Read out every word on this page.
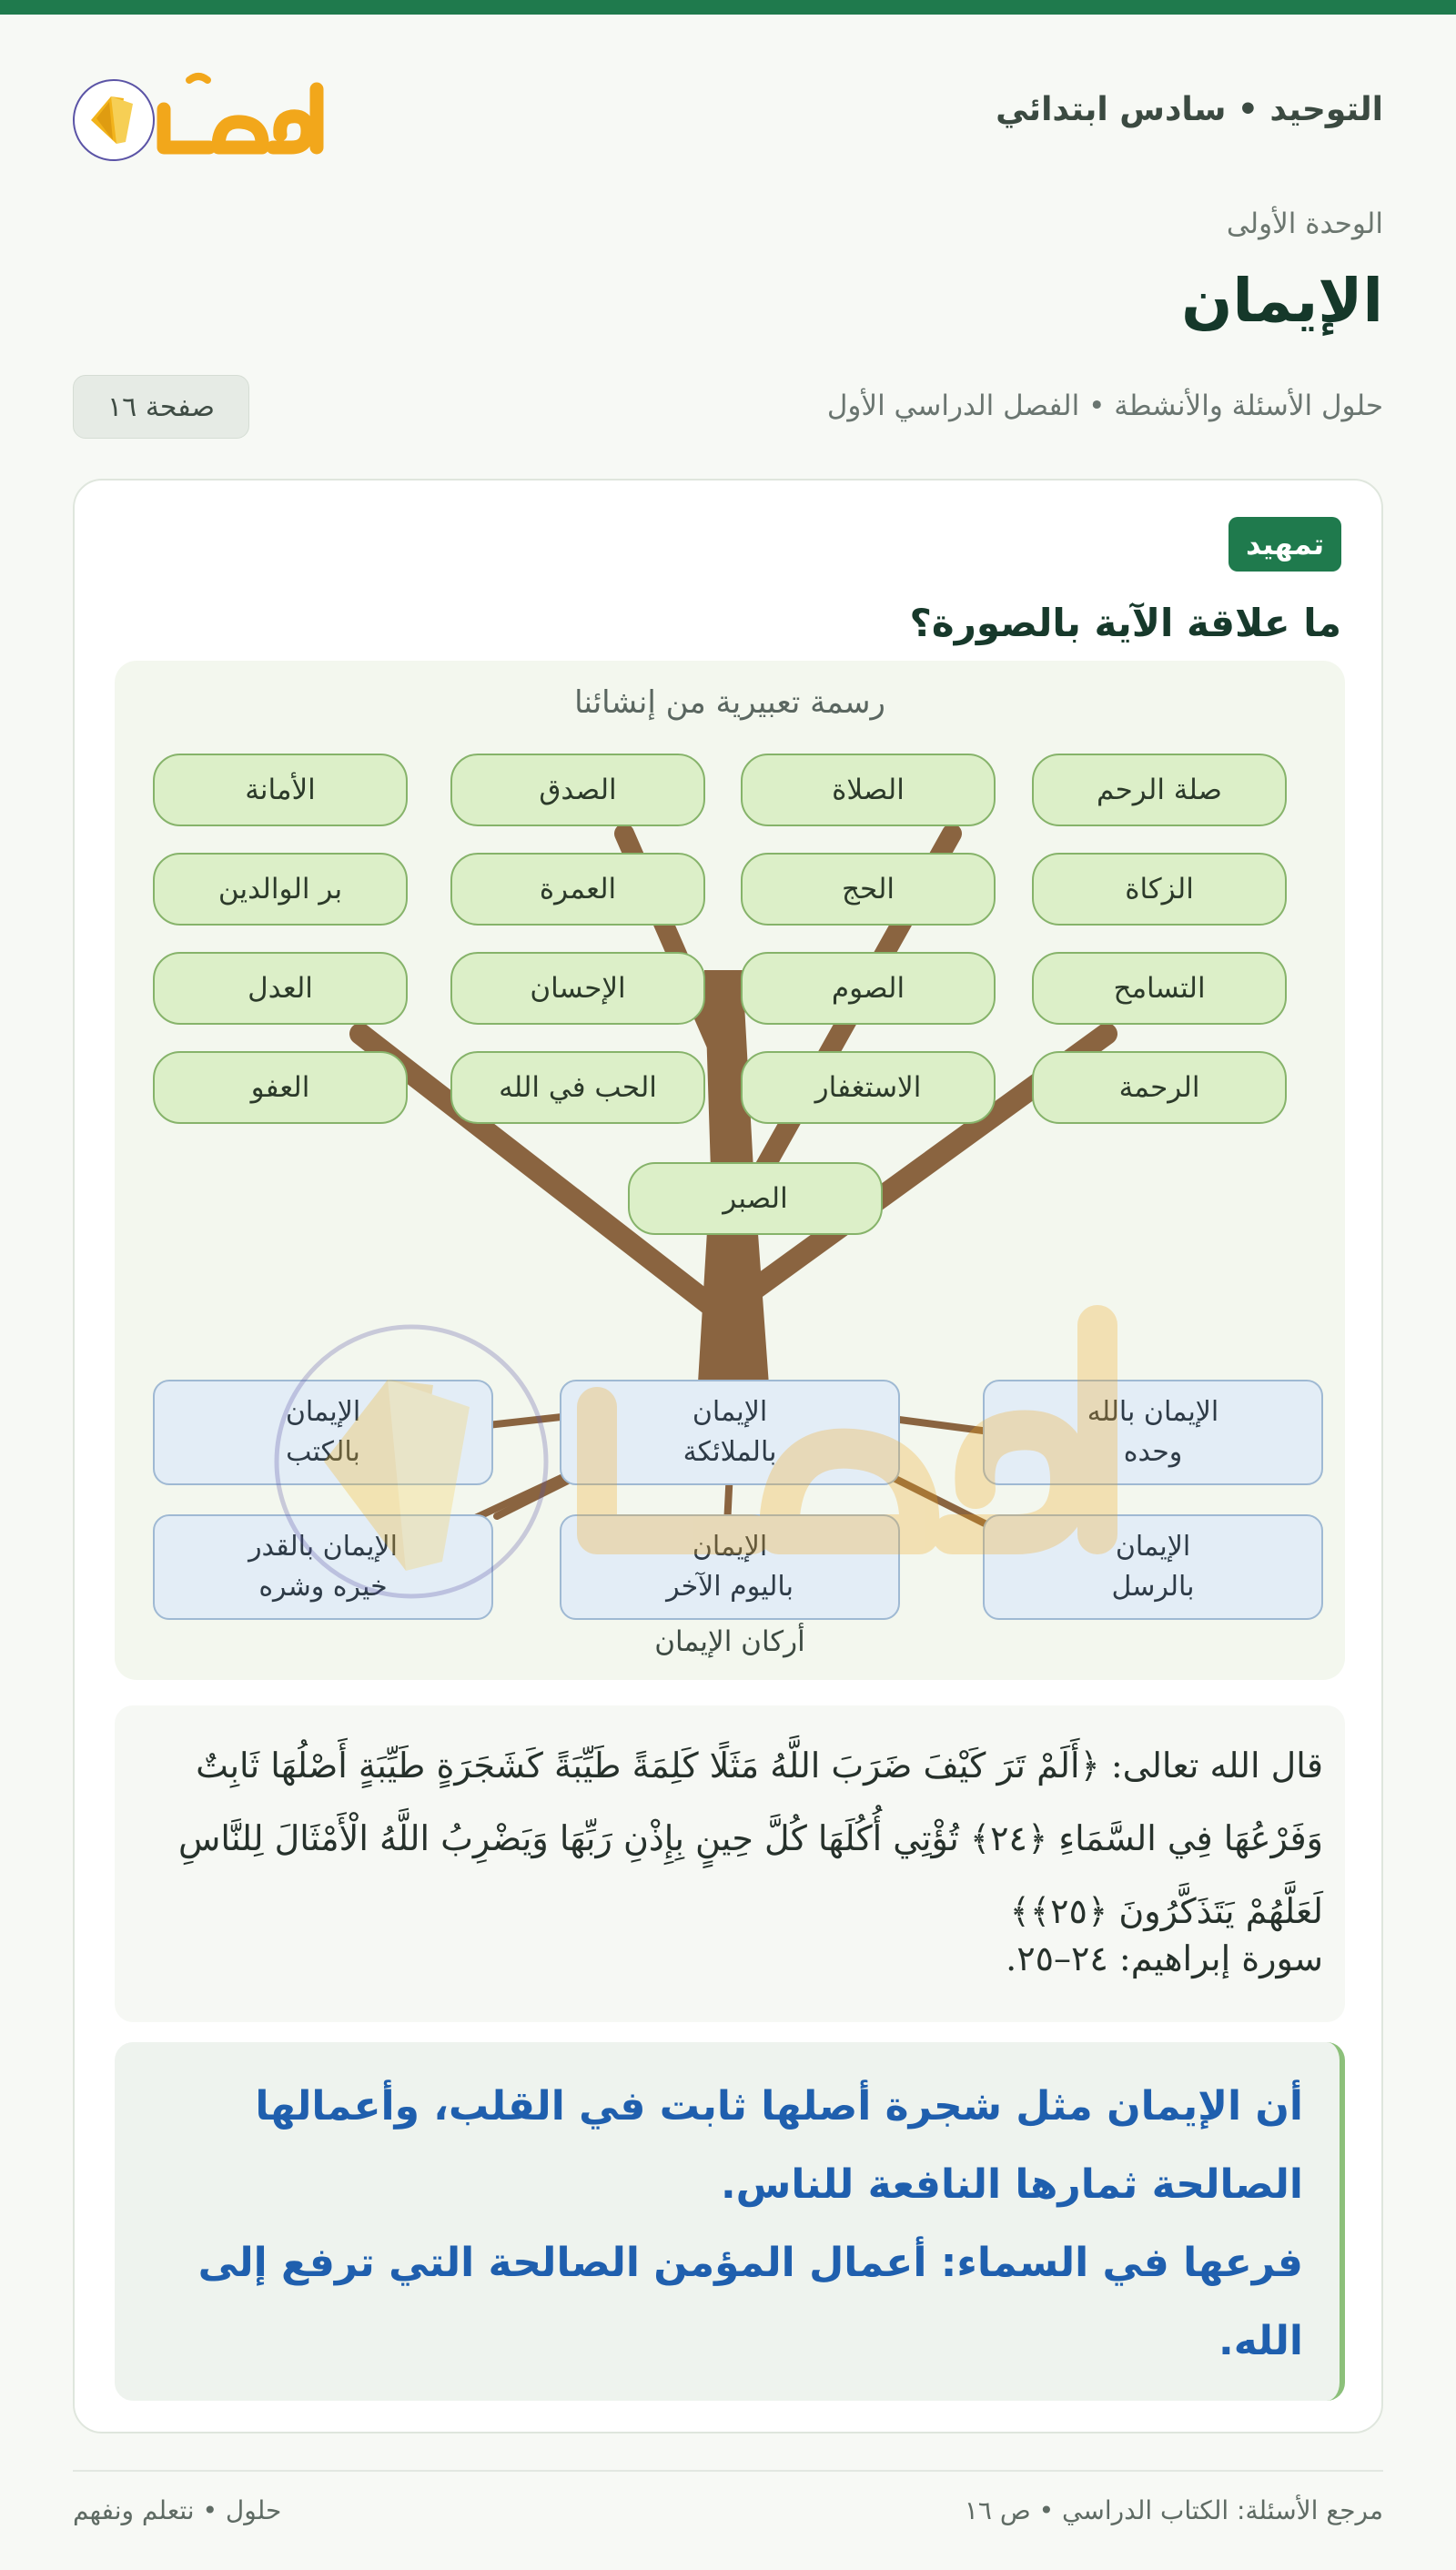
التوحيد • سادس ابتدائي
الوحدة الأولى
الإيمان
حلول الأسئلة والأنشطة • الفصل الدراسي الأول
صفحة ١٦
تمهيد
ما علاقة الآية بالصورة؟
رسمة تعبيرية من إنشائنا
صلة الرحم
الصلاة
الصدق
الأمانة
الزكاة
الحج
العمرة
بر الوالدين
التسامح
الصوم
الإحسان
العدل
الرحمة
الاستغفار
الحب في الله
العفو
الصبر
الإيمان بالله
وحده
الإيمان
بالملائكة
الإيمان
بالكتب
الإيمان
بالرسل
الإيمان
باليوم الآخر
الإيمان بالقدر
خيره وشره
أركان الإيمان
قال الله تعالى: ﴿أَلَمْ تَرَ كَيْفَ ضَرَبَ اللَّهُ مَثَلًا كَلِمَةً طَيِّبَةً كَشَجَرَةٍ طَيِّبَةٍ أَصْلُهَا ثَابِتٌ وَفَرْعُهَا فِي السَّمَاءِ ﴿٢٤﴾ تُؤْتِي أُكُلَهَا كُلَّ حِينٍ بِإِذْنِ رَبِّهَا وَيَضْرِبُ اللَّهُ الْأَمْثَالَ لِلنَّاسِ لَعَلَّهُمْ يَتَذَكَّرُونَ ﴿٢٥﴾﴾
سورة إبراهيم: ٢٤–٢٥.
أن الإيمان مثل شجرة أصلها ثابت في القلب، وأعمالها الصالحة ثمارها النافعة للناس.
فرعها في السماء: أعمال المؤمن الصالحة التي ترفع إلى الله.
مرجع الأسئلة: الكتاب الدراسي • ص ١٦
حلول • نتعلم ونفهم
